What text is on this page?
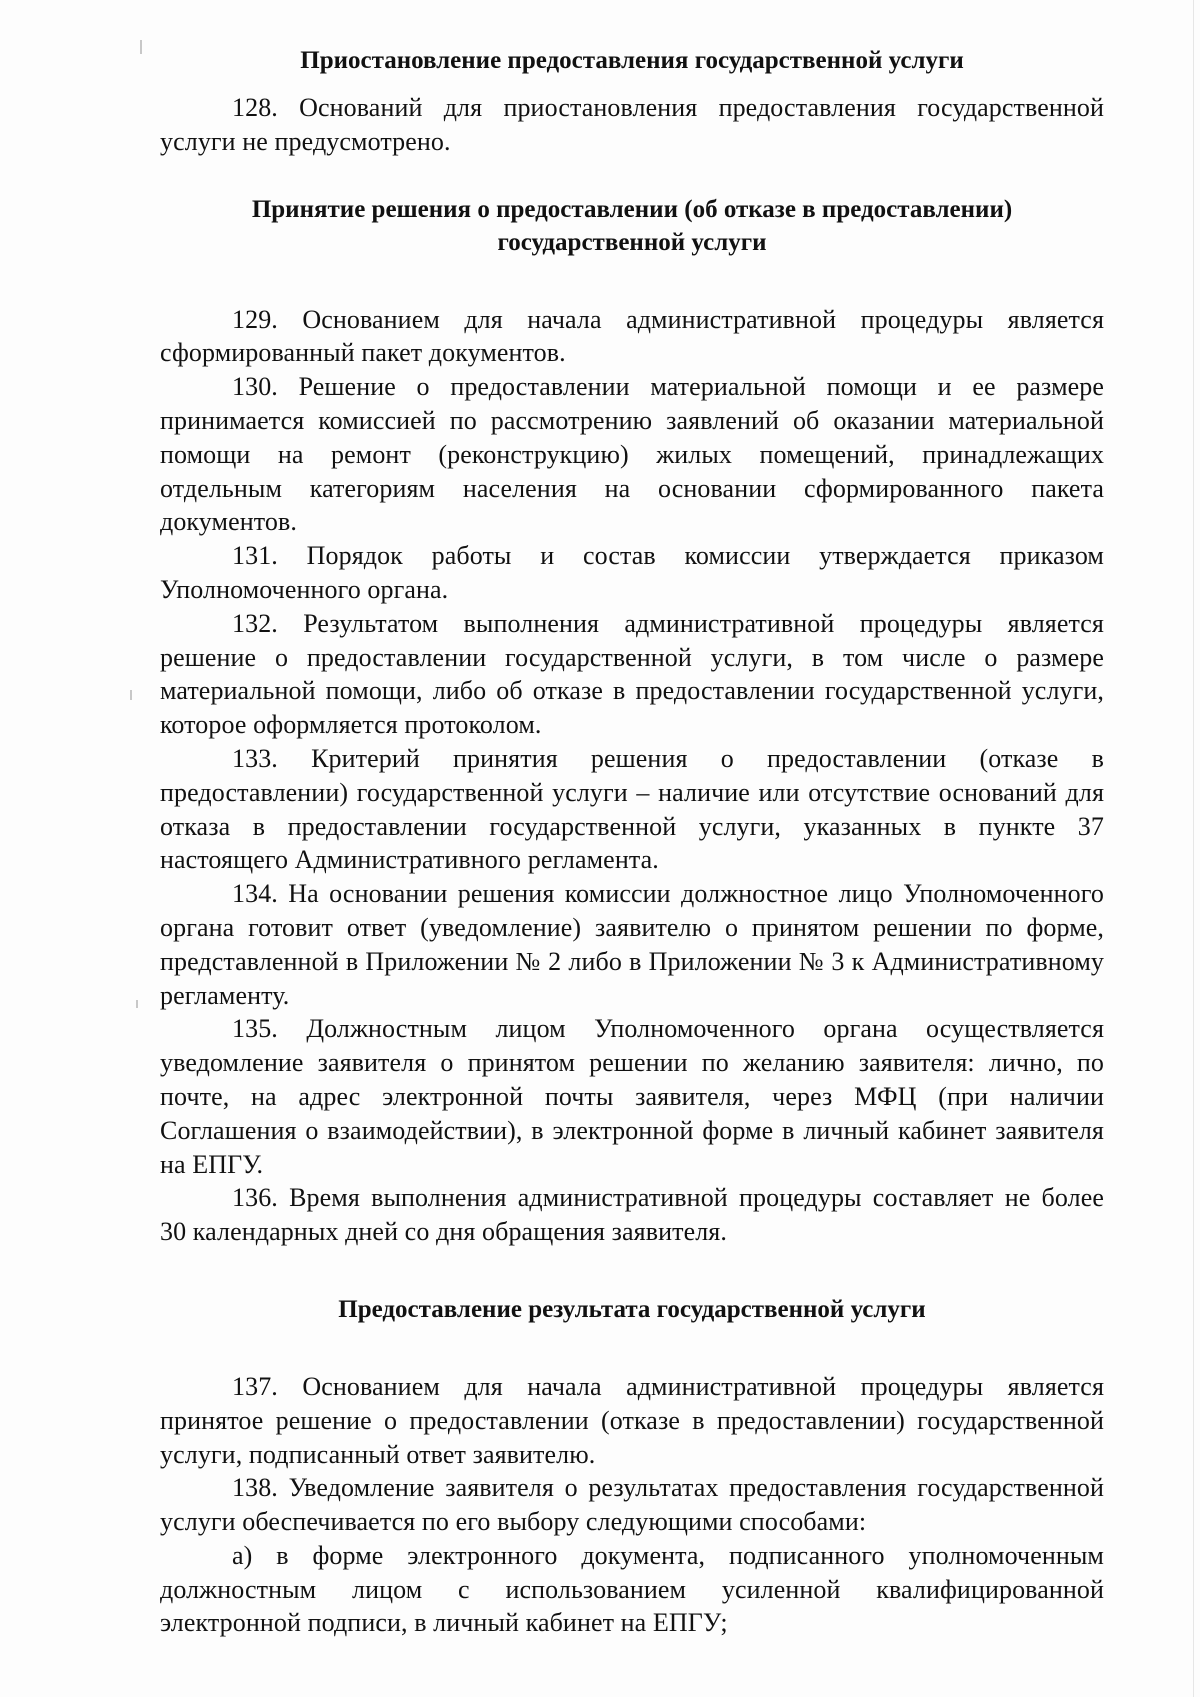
Приостановление предоставления государственной услуги

128. Оснований для приостановления предоставления государственной услуги не предусмотрено.

Принятие решения о предоставлении (об отказе в предоставлении)
государственной услуги

129. Основанием для начала административной процедуры является сформированный пакет документов.

130. Решение о предоставлении материальной помощи и ее размере принимается комиссией по рассмотрению заявлений об оказании материальной помощи на ремонт (реконструкцию) жилых помещений, принадлежащих отдельным категориям населения на основании сформированного пакета документов.

131. Порядок работы и состав комиссии утверждается приказом Уполномоченного органа.

132. Результатом выполнения административной процедуры является решение о предоставлении государственной услуги, в том числе о размере материальной помощи, либо об отказе в предоставлении государственной услуги, которое оформляется протоколом.

133. Критерий принятия решения о предоставлении (отказе в предоставлении) государственной услуги – наличие или отсутствие оснований для отказа в предоставлении государственной услуги, указанных в пункте 37 настоящего Административного регламента.

134. На основании решения комиссии должностное лицо Уполномоченного органа готовит ответ (уведомление) заявителю о принятом решении по форме, представленной в Приложении № 2 либо в Приложении № 3 к Административному регламенту.

135. Должностным лицом Уполномоченного органа осуществляется уведомление заявителя о принятом решении по желанию заявителя: лично, по почте, на адрес электронной почты заявителя, через МФЦ (при наличии Соглашения о взаимодействии), в электронной форме в личный кабинет заявителя на ЕПГУ.

136. Время выполнения административной процедуры составляет не более 30 календарных дней со дня обращения заявителя.

Предоставление результата государственной услуги

137. Основанием для начала административной процедуры является принятое решение о предоставлении (отказе в предоставлении) государственной услуги, подписанный ответ заявителю.

138. Уведомление заявителя о результатах предоставления государственной услуги обеспечивается по его выбору следующими способами:

а) в форме электронного документа, подписанного уполномоченным должностным лицом с использованием усиленной квалифицированной электронной подписи, в личный кабинет на ЕПГУ;
